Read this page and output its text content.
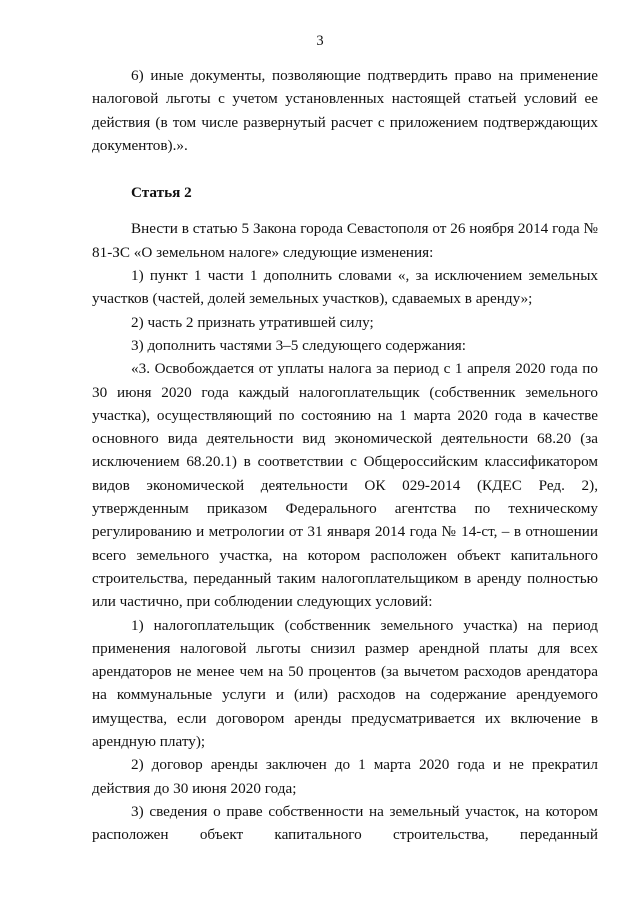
3

6) иные документы, позволяющие подтвердить право на применение налоговой льготы с учетом установленных настоящей статьей условий ее действия (в том числе развернутый расчет с приложением подтверждающих документов).».

Статья 2

Внести в статью 5 Закона города Севастополя от 26 ноября 2014 года № 81-ЗС «О земельном налоге» следующие изменения:

1) пункт 1 части 1 дополнить словами «, за исключением земельных участков (частей, долей земельных участков), сдаваемых в аренду»;

2) часть 2 признать утратившей силу;

3) дополнить частями 3–5 следующего содержания:

«3. Освобождается от уплаты налога за период с 1 апреля 2020 года по 30 июня 2020 года каждый налогоплательщик (собственник земельного участка), осуществляющий по состоянию на 1 марта 2020 года в качестве основного вида деятельности вид экономической деятельности 68.20 (за исключением 68.20.1) в соответствии с Общероссийским классификатором видов экономической деятельности ОК 029-2014 (КДЕС Ред. 2), утвержденным приказом Федерального агентства по техническому регулированию и метрологии от 31 января 2014 года № 14-ст, – в отношении всего земельного участка, на котором расположен объект капитального строительства, переданный таким налогоплательщиком в аренду полностью или частично, при соблюдении следующих условий:

1) налогоплательщик (собственник земельного участка) на период применения налоговой льготы снизил размер арендной платы для всех арендаторов не менее чем на 50 процентов (за вычетом расходов арендатора на коммунальные услуги и (или) расходов на содержание арендуемого имущества, если договором аренды предусматривается их включение в арендную плату);

2) договор аренды заключен до 1 марта 2020 года и не прекратил действия до 30 июня 2020 года;

3) сведения о праве собственности на земельный участок, на котором расположен объект капитального строительства, переданный
